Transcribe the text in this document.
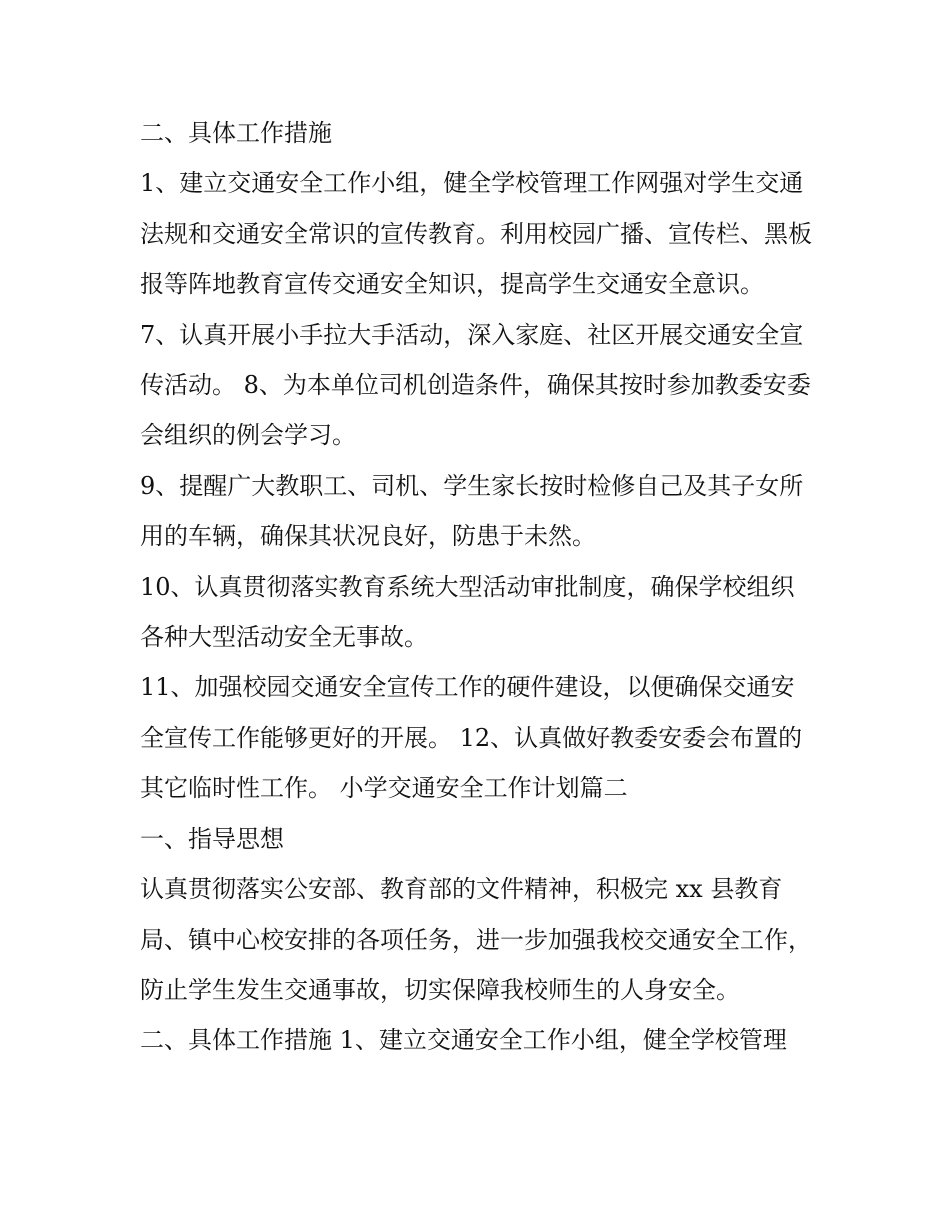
二、具体工作措施

1、建立交通安全工作小组，健全学校管理工作网强对学生交通法规和交通安全常识的宣传教育。利用校园广播、宣传栏、黑板报等阵地教育宣传交通安全知识，提高学生交通安全意识。

7、认真开展小手拉大手活动，深入家庭、社区开展交通安全宣传活动。 8、为本单位司机创造条件，确保其按时参加教委安委会组织的例会学习。

9、提醒广大教职工、司机、学生家长按时检修自己及其子女所用的车辆，确保其状况良好，防患于未然。

10、认真贯彻落实教育系统大型活动审批制度，确保学校组织各种大型活动安全无事故。

11、加强校园交通安全宣传工作的硬件建设，以便确保交通安全宣传工作能够更好的开展。 12、认真做好教委安委会布置的其它临时性工作。 小学交通安全工作计划篇二

一、指导思想

认真贯彻落实公安部、教育部的文件精神，积极完 xx 县教育局、镇中心校安排的各项任务，进一步加强我校交通安全工作，防止学生发生交通事故，切实保障我校师生的人身安全。

二、具体工作措施 1、建立交通安全工作小组，健全学校管理
